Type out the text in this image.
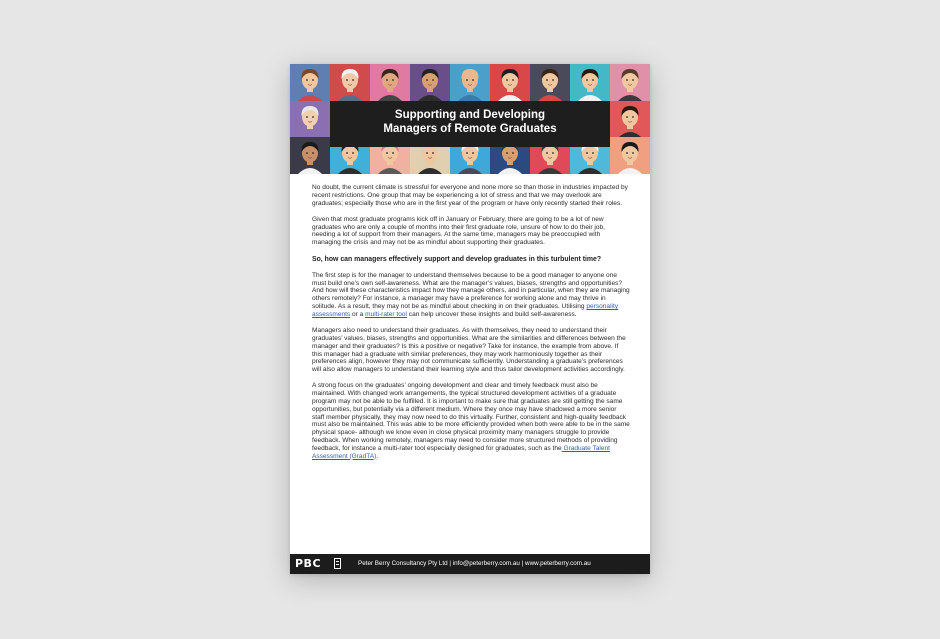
Supporting and Developing
Managers of Remote Graduates

No doubt, the current climate is stressful for everyone and none more so than those in industries impacted by recent restrictions. One group that may be experiencing a lot of stress and that we may overlook are graduates; especially those who are in the first year of the program or have only recently started their roles.

Given that most graduate programs kick off in January or February, there are going to be a lot of new graduates who are only a couple of months into their first graduate role, unsure of how to do their job, needing a lot of support from their managers. At the same time, managers may be preoccupied with managing the crisis and may not be as mindful about supporting their graduates.

So, how can managers effectively support and develop graduates in this turbulent time?

The first step is for the manager to understand themselves because to be a good manager to anyone one must build one’s own self-awareness. What are the manager’s values, biases, strengths and opportunities? And how will these characteristics impact how they manage others, and in particular, when they are managing others remotely? For instance, a manager may have a preference for working alone and may thrive in solitude. As a result, they may not be as mindful about checking in on their graduates. Utilising personality assessments or a multi-rater tool can help uncover these insights and build self-awareness.

Managers also need to understand their graduates. As with themselves, they need to understand their graduates’ values, biases, strengths and opportunities. What are the similarities and differences between the manager and their graduates? Is this a positive or negative? Take for instance, the example from above. If this manager had a graduate with similar preferences, they may work harmoniously together as their preferences align, however they may not communicate sufficiently. Understanding a graduate’s preferences will also allow managers to understand their learning style and thus tailor development activities accordingly.

A strong focus on the graduates’ ongoing development and clear and timely feedback must also be maintained. With changed work arrangements, the typical structured development activities of a graduate program may not be able to be fulfilled. It is important to make sure that graduates are still getting the same opportunities, but potentially via a different medium. Where they once may have shadowed a more senior staff member physically, they may now need to do this virtually. Further, consistent and high-quality feedback must also be maintained. This was able to be more efficiently provided when both were able to be in the same physical space- although we know even in close physical proximity many managers struggle to provide feedback. When working remotely, managers may need to consider more structured methods of providing feedback, for instance a multi-rater tool especially designed for graduates, such as the Graduate Talent Assessment (GradTA).

PBC	Peter Berry Consultancy Pty Ltd | info@peterberry.com.au | www.peterberry.com.au
